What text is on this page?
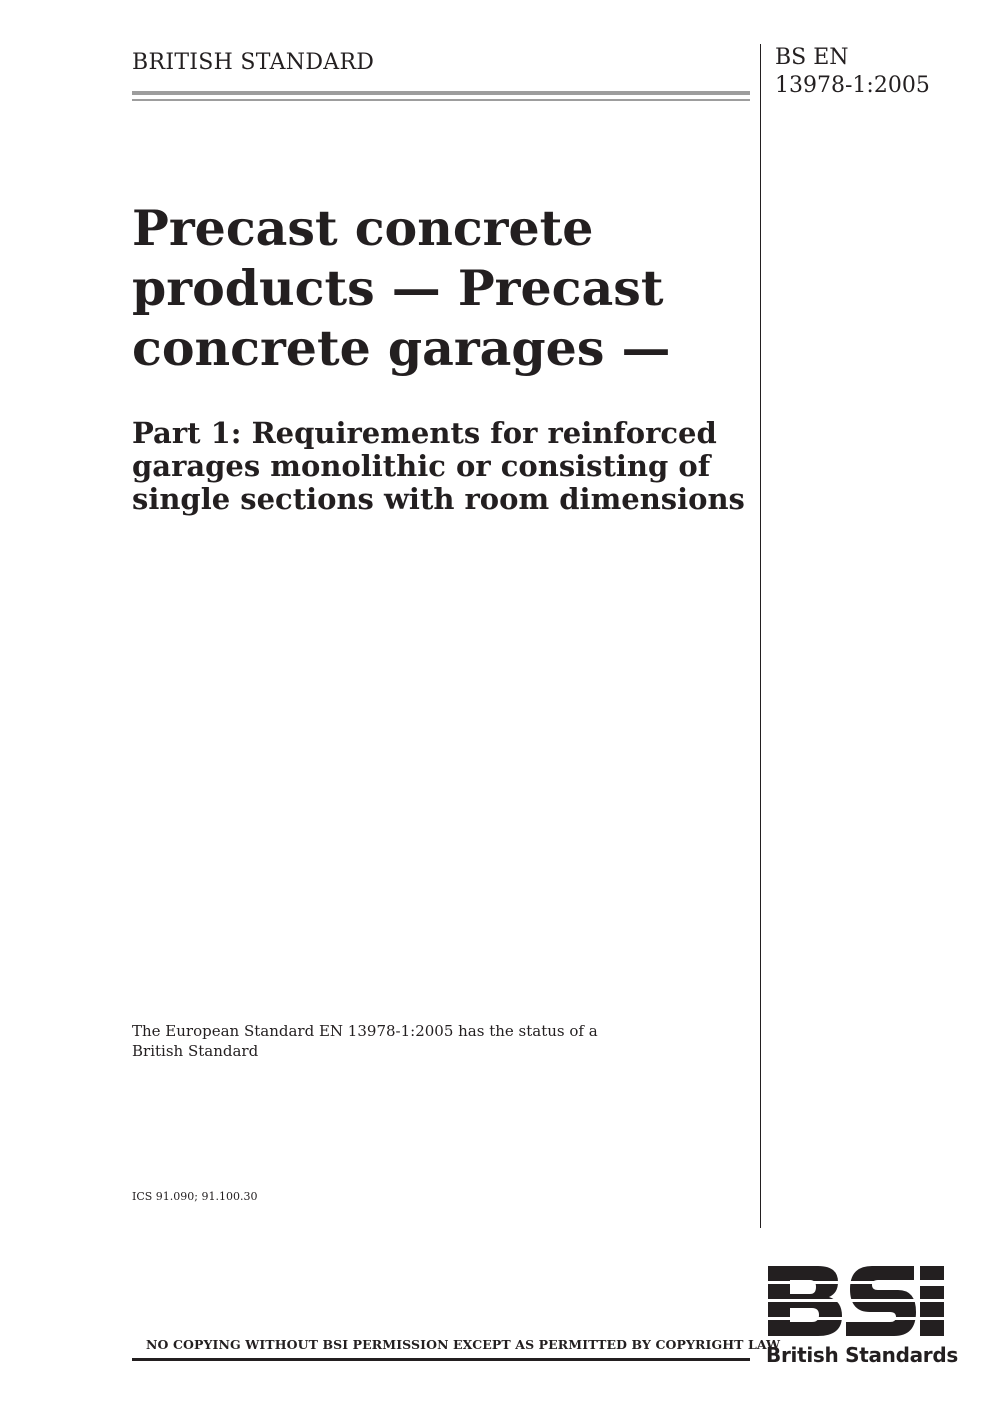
BRITISH STANDARD	BS EN
13978-1:2005
Precast concrete
products — Precast
concrete garages —
Part 1: Requirements for reinforced
garages monolithic or consisting of
single sections with room dimensions
The European Standard EN 13978-1:2005 has the status of a
British Standard
ICS 91.090; 91.100.30
NO COPYING WITHOUT BSI PERMISSION EXCEPT AS PERMITTED BY COPYRIGHT LAW
British Standards
